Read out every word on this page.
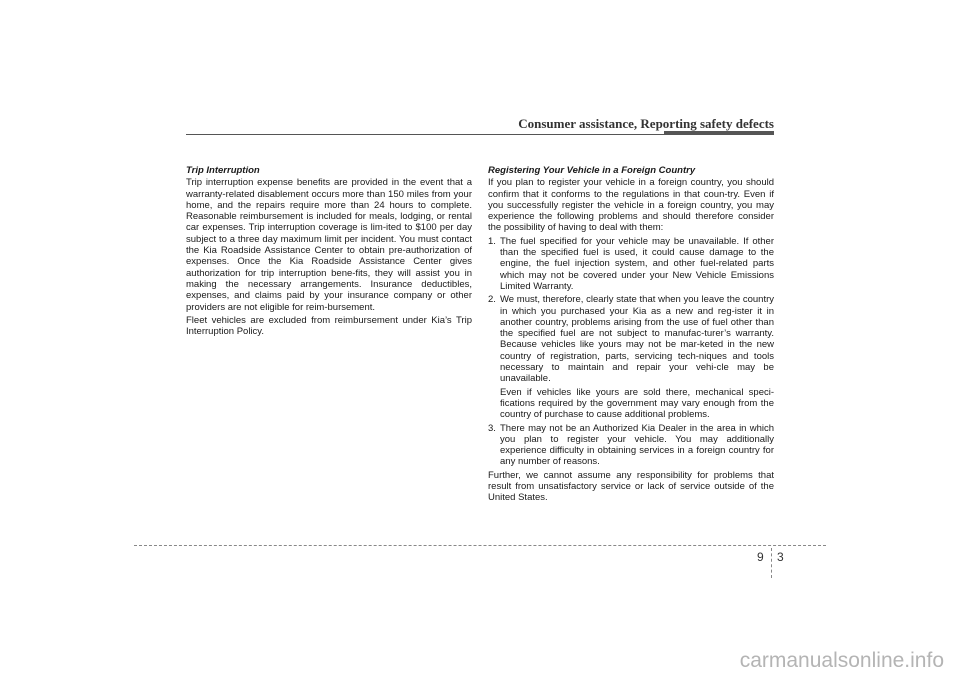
Consumer assistance, Reporting safety defects
Trip Interruption

Trip interruption expense benefits are provided in the event that a warranty-related disablement occurs more than 150 miles from your home, and the repairs require more than 24 hours to complete. Reasonable reimbursement is included for meals, lodging, or rental car expenses. Trip interruption coverage is lim-ited to $100 per day subject to a three day maximum limit per incident. You must contact the Kia Roadside Assistance Center to obtain pre-authorization of expenses. Once the Kia Roadside Assistance Center gives authorization for trip interruption bene-fits, they will assist you in making the necessary arrangements. Insurance deductibles, expenses, and claims paid by your insurance company or other providers are not eligible for reim-bursement.

Fleet vehicles are excluded from reimbursement under Kia’s Trip Interruption Policy.

Registering Your Vehicle in a Foreign Country

If you plan to register your vehicle in a foreign country, you should confirm that it conforms to the regulations in that coun-try. Even if you successfully register the vehicle in a foreign country, you may experience the following problems and should therefore consider the possibility of having to deal with them:

1. The fuel specified for your vehicle may be unavailable. If other than the specified fuel is used, it could cause damage to the engine, the fuel injection system, and other fuel-related parts which may not be covered under your New Vehicle Emissions Limited Warranty.
2. We must, therefore, clearly state that when you leave the country in which you purchased your Kia as a new and reg-ister it in another country, problems arising from the use of fuel other than the specified fuel are not subject to manufac-turer’s warranty. Because vehicles like yours may not be mar-keted in the new country of registration, parts, servicing tech-niques and tools necessary to maintain and repair your vehi-cle may be unavailable.
Even if vehicles like yours are sold there, mechanical speci-fications required by the government may vary enough from the country of purchase to cause additional problems.
3. There may not be an Authorized Kia Dealer in the area in which you plan to register your vehicle. You may additionally experience difficulty in obtaining services in a foreign country for any number of reasons.

Further, we cannot assume any responsibility for problems that result from unsatisfactory service or lack of service outside of the United States.

9 3
carmanualsonline.info
